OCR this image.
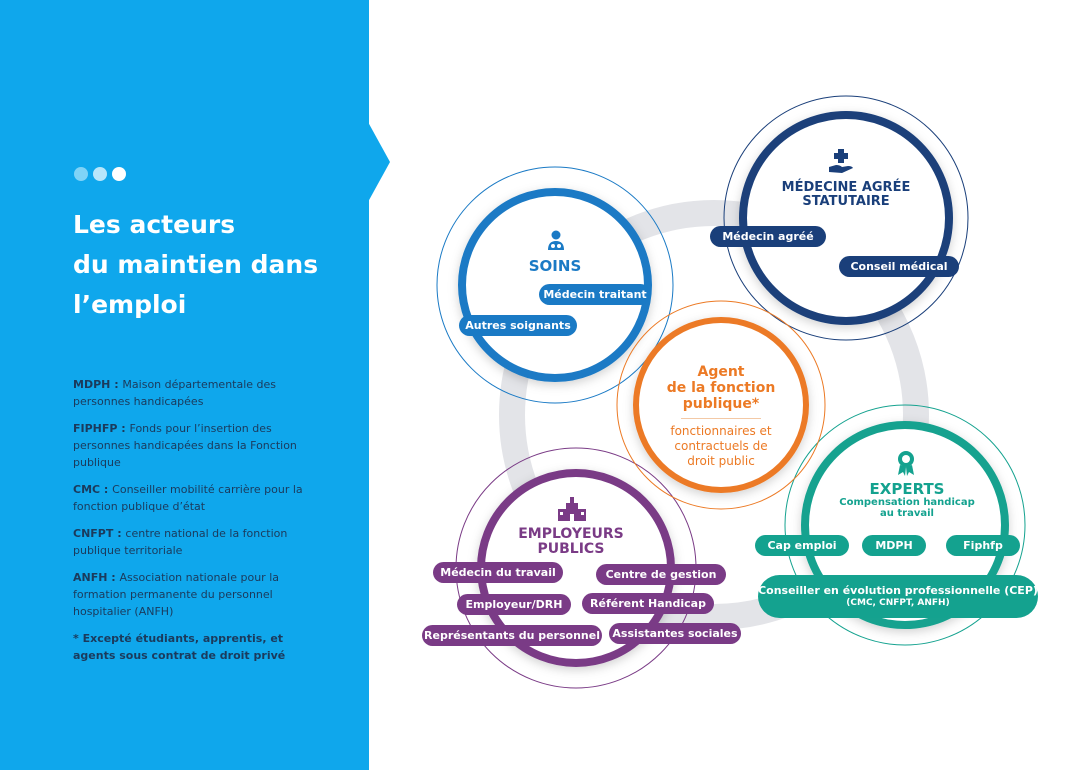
Les acteurs
du maintien dans
l’emploi

MDPH : Maison départementale des personnes handicapées

FIPHFP : Fonds pour l’insertion des personnes handicapées dans la Fonction publique

CMC : Conseiller mobilité carrière pour la fonction publique d’état

CNFPT : centre national de la fonction publique territoriale

ANFH : Association nationale pour la formation permanente du personnel hospitalier (ANFH)

* Excepté étudiants, apprentis, et agents sous contrat de droit privé

SOINS
Médecin traitant
Autres soignants
MÉDECINE AGRÉE
STATUTAIRE
Médecin agréé
Conseil médical
Agent
de la fonction
publique*
fonctionnaires et
contractuels de
droit public
EMPLOYEURS
PUBLICS
Médecin du travail	Centre de gestion
Employeur/DRH	Référent Handicap
Représentants du personnel	Assistantes sociales
EXPERTS
Compensation handicap
au travail
Cap emploi	MDPH	Fiphfp
Conseiller en évolution professionnelle (CEP)
(CMC, CNFPT, ANFH)
